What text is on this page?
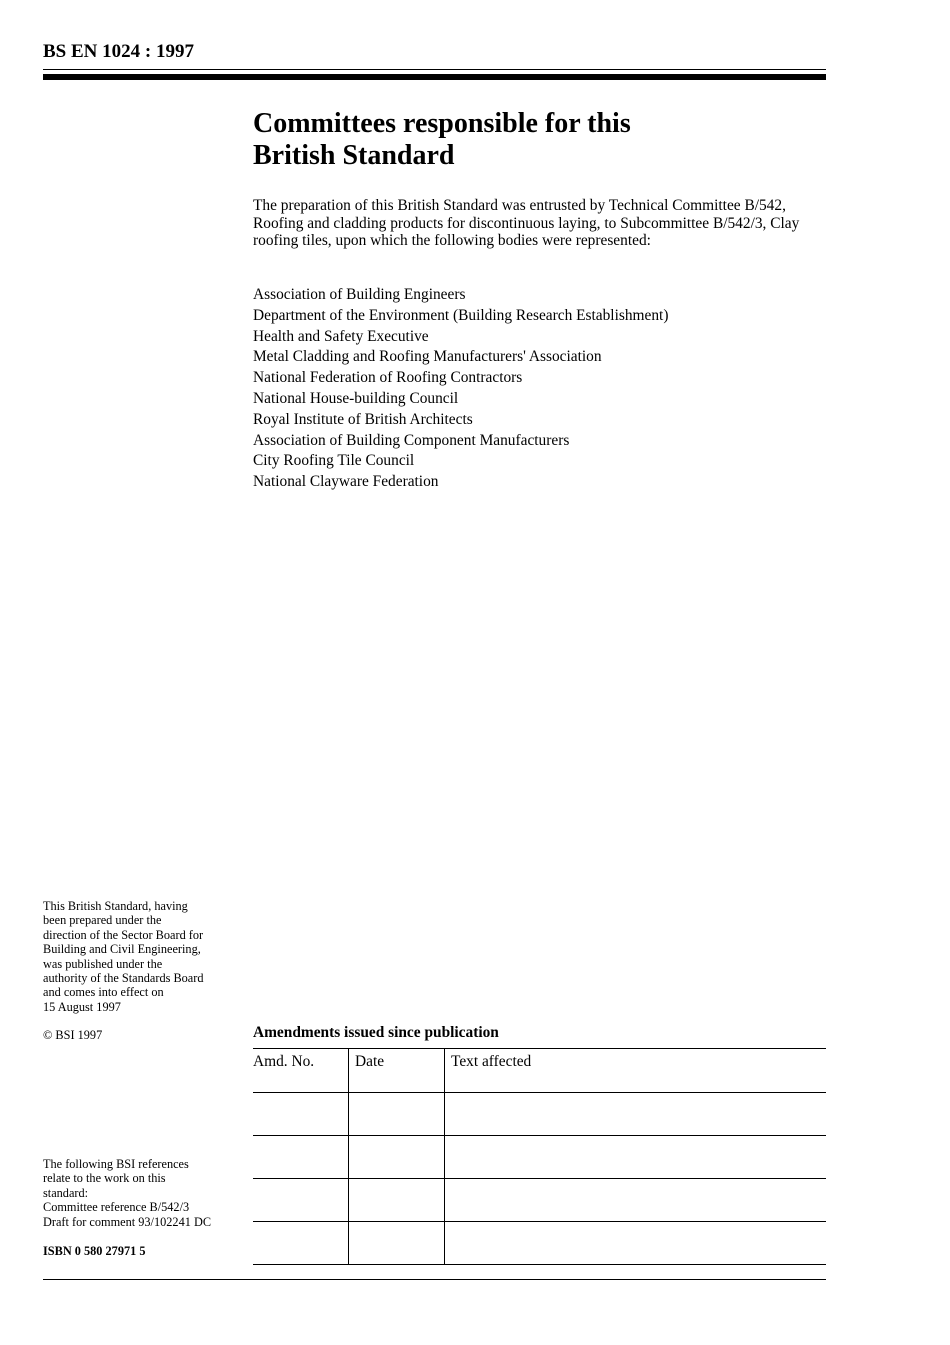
BS EN 1024 : 1997
Committees responsible for this
British Standard

The preparation of this British Standard was entrusted by Technical Committee B/542, Roofing and cladding products for discontinuous laying, to Subcommittee B/542/3, Clay roofing tiles, upon which the following bodies were represented:

Association of Building Engineers
Department of the Environment (Building Research Establishment)
Health and Safety Executive
Metal Cladding and Roofing Manufacturers' Association
National Federation of Roofing Contractors
National House-building Council
Royal Institute of British Architects
Association of Building Component Manufacturers
City Roofing Tile Council
National Clayware Federation

This British Standard, having
been prepared under the
direction of the Sector Board for
Building and Civil Engineering,
was published under the
authority of the Standards Board
and comes into effect on
15 August 1997

© BSI 1997

The following BSI references
relate to the work on this
standard:
Committee reference B/542/3
Draft for comment 93/102241 DC

ISBN 0 580 27971 5

Amendments issued since publication
Amd. No.	Date	Text affected
